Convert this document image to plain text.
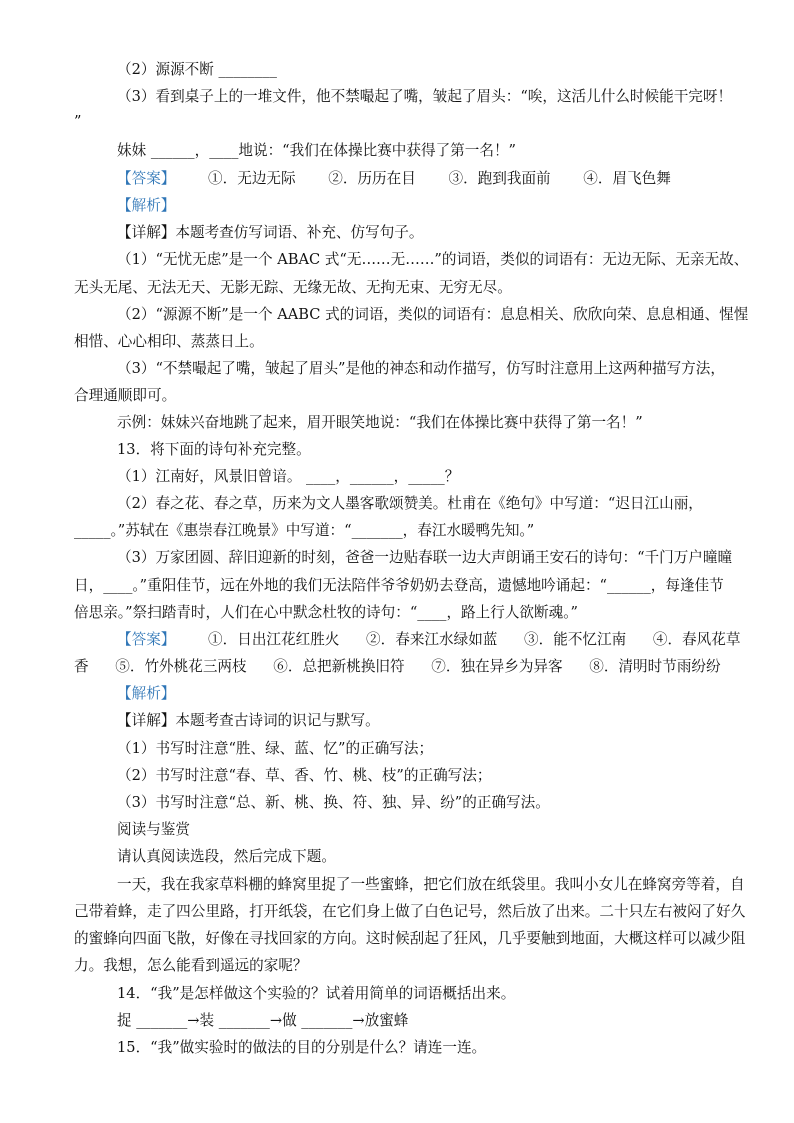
（2）源源不断 ________
（3）看到桌子上的一堆文件，他不禁嘬起了嘴，皱起了眉头：“唉，这活儿什么时候能干完呀！
”
妹妹 ______，____地说：“我们在体操比赛中获得了第一名！”
【答案】 ①．无边无际 ②．历历在目 ③．跑到我面前 ④．眉飞色舞
【解析】
【详解】本题考查仿写词语、补充、仿写句子。
（1）“无忧无虑”是一个 ABAC 式“无……无……”的词语，类似的词语有：无边无际、无亲无故、
无头无尾、无法无天、无影无踪、无缘无故、无拘无束、无穷无尽。
（2）“源源不断”是一个 AABC 式的词语，类似的词语有：息息相关、欣欣向荣、息息相通、惺惺
相惜、心心相印、蒸蒸日上。
（3）“不禁嘬起了嘴，皱起了眉头”是他的神态和动作描写，仿写时注意用上这两种描写方法，
合理通顺即可。
示例：妹妹兴奋地跳了起来，眉开眼笑地说：“我们在体操比赛中获得了第一名！”
13．将下面的诗句补充完整。
（1）江南好，风景旧曾谙。 ____，______，_____？
（2）春之花、春之草，历来为文人墨客歌颂赞美。杜甫在《绝句》中写道：“迟日江山丽，
_____。”苏轼在《惠崇春江晚景》中写道：“_______，春江水暖鸭先知。”
（3）万家团圆、辞旧迎新的时刻，爸爸一边贴春联一边大声朗诵王安石的诗句：“千门万户曈曈
日，____。”重阳佳节，远在外地的我们无法陪伴爷爷奶奶去登高，遗憾地吟诵起：“______，每逢佳节
倍思亲。”祭扫踏青时，人们在心中默念杜牧的诗句：“____，路上行人欲断魂。”
【答案】 ①．日出江花红胜火 ②．春来江水绿如蓝 ③．能不忆江南 ④．春风花草
香 ⑤．竹外桃花三两枝 ⑥．总把新桃换旧符 ⑦．独在异乡为异客 ⑧．清明时节雨纷纷
【解析】
【详解】本题考查古诗词的识记与默写。
（1）书写时注意“胜、绿、蓝、忆”的正确写法；
（2）书写时注意“春、草、香、竹、桃、枝”的正确写法；
（3）书写时注意“总、新、桃、换、符、独、异、纷”的正确写法。
阅读与鉴赏
请认真阅读选段，然后完成下题。
一天，我在我家草料棚的蜂窝里捉了一些蜜蜂，把它们放在纸袋里。我叫小女儿在蜂窝旁等着，自
己带着蜂，走了四公里路，打开纸袋，在它们身上做了白色记号，然后放了出来。二十只左右被闷了好久
的蜜蜂向四面飞散，好像在寻找回家的方向。这时候刮起了狂风，几乎要触到地面，大概这样可以减少阻
力。我想，怎么能看到遥远的家呢？
14．“我”是怎样做这个实验的？试着用简单的词语概括出来。
捉 _______→装 _______→做 _______→放蜜蜂
15．“我”做实验时的做法的目的分别是什么？请连一连。
